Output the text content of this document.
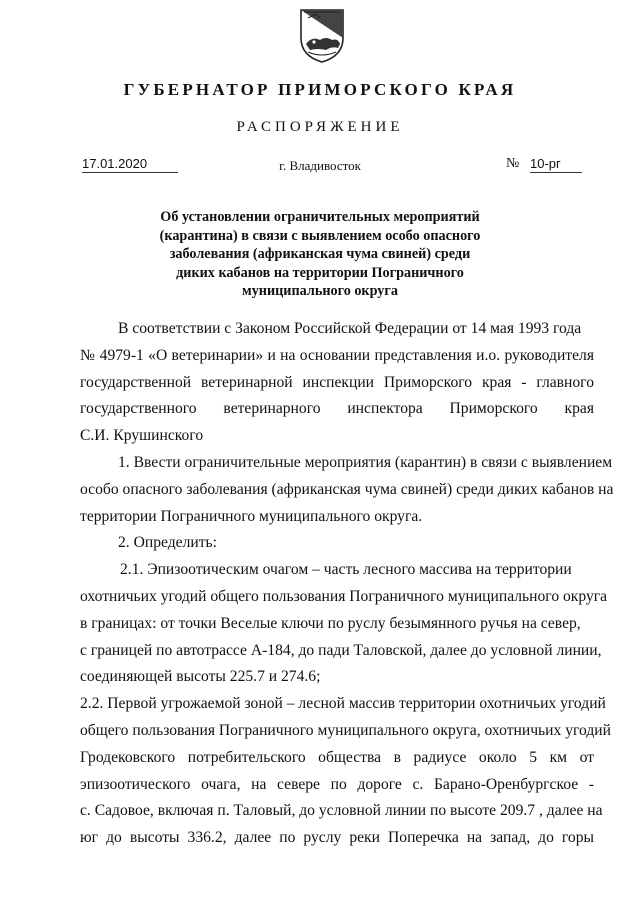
ГУБЕРНАТОР ПРИМОРСКОГО КРАЯ
РАСПОРЯЖЕНИЕ
17.01.2020	г. Владивосток	№ 10-рг
Об установлении ограничительных мероприятий
(карантина) в связи с выявлением особо опасного
заболевания (африканская чума свиней) среди
диких кабанов на территории Пограничного
муниципального округа
В соответствии с Законом Российской Федерации от 14 мая 1993 года
№ 4979-1 «О ветеринарии» и на основании представления и.о. руководителя
государственной ветеринарной инспекции Приморского края - главного
государственного ветеринарного инспектора Приморского края
С.И. Крушинского
1. Ввести ограничительные мероприятия (карантин) в связи с выявлением
особо опасного заболевания (африканская чума свиней) среди диких кабанов на
территории Пограничного муниципального округа.
2. Определить:
2.1. Эпизоотическим очагом – часть лесного массива на территории
охотничьих угодий общего пользования Пограничного муниципального округа
в границах: от точки Веселые ключи по руслу безымянного ручья на север,
с границей по автотрассе А-184, до пади Таловской, далее до условной линии,
соединяющей высоты 225.7 и 274.6;
2.2. Первой угрожаемой зоной – лесной массив территории охотничьих угодий
общего пользования Пограничного муниципального округа, охотничьих угодий
Гродековского потребительского общества в радиусе около 5 км от
эпизоотического очага, на севере по дороге с. Барано-Оренбургское -
с. Садовое, включая п. Таловый, до условной линии по высоте 209.7 , далее на
юг до высоты 336.2, далее по руслу реки Поперечка на запад, до горы
